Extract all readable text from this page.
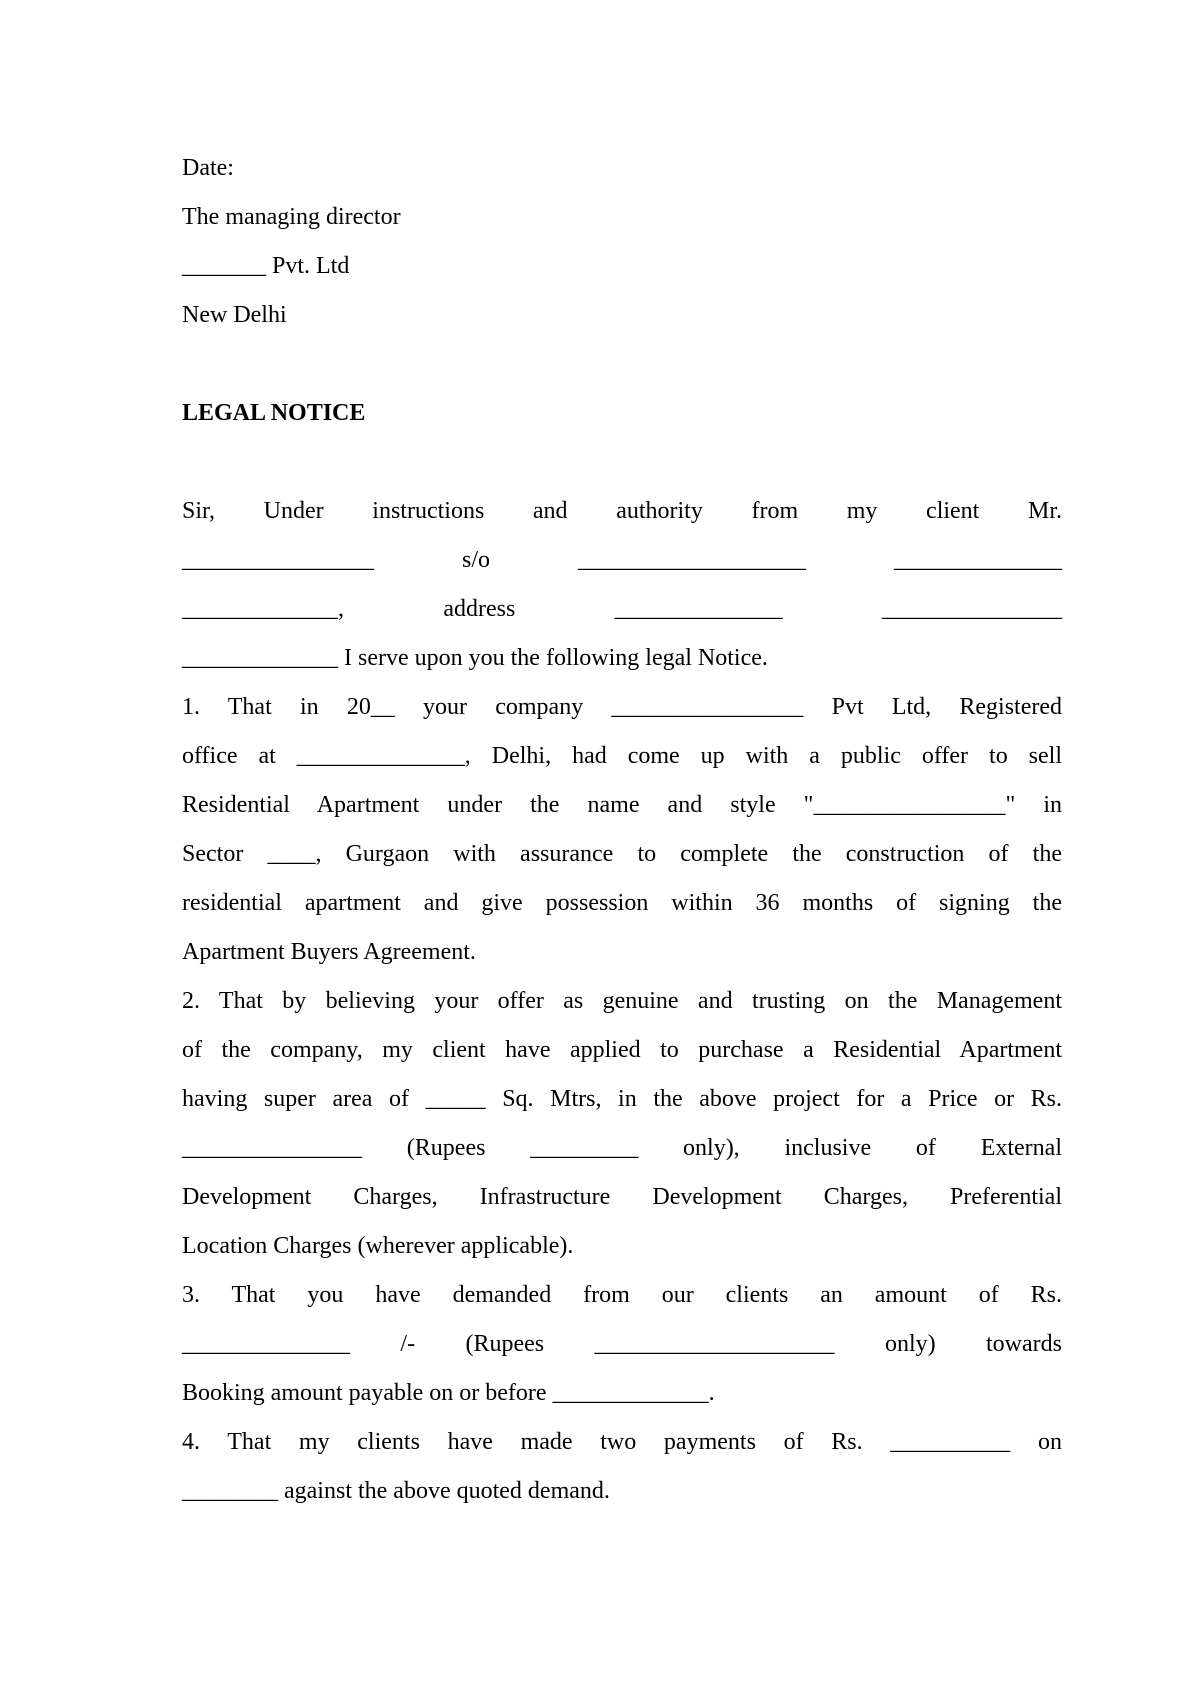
Date:
The managing director
_______ Pvt. Ltd
New Delhi
LEGAL NOTICE
Sir, Under instructions and authority from my client Mr.
________________ s/o ___________________ ______________
_____________, address ______________ _______________
_____________ I serve upon you the following legal Notice.
1. That in 20__ your company ________________ Pvt Ltd, Registered
office at ______________, Delhi, had come up with a public offer to sell
Residential Apartment under the name and style "________________" in
Sector ____, Gurgaon with assurance to complete the construction of the
residential apartment and give possession within 36 months of signing the
Apartment Buyers Agreement.
2. That by believing your offer as genuine and trusting on the Management
of the company, my client have applied to purchase a Residential Apartment
having super area of _____ Sq. Mtrs, in the above project for a Price or Rs.
_______________ (Rupees _________ only), inclusive of External
Development Charges, Infrastructure Development Charges, Preferential
Location Charges (wherever applicable).
3. That you have demanded from our clients an amount of Rs.
______________ /- (Rupees ____________________ only) towards
Booking amount payable on or before _____________.
4. That my clients have made two payments of Rs. __________ on
________ against the above quoted demand.
